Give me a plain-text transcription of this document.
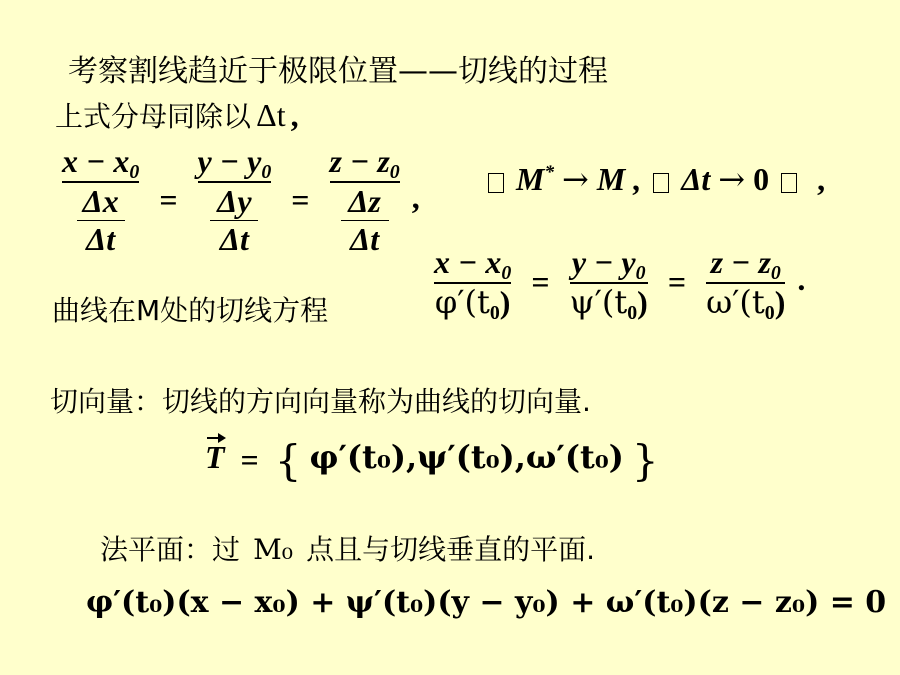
考察割线趋近于极限位置——切线的过程
上式分母同除以 Δt ,
$\frac{x - x0}{\frac{\Delta x}{\Delta t}} = \frac{y - y0}{\frac{\Delta y}{\Delta t}} = \frac{z - z0}{\frac{\Delta z}{\Delta t}}$ ,
M* → M , Δt → 0 ,
曲线在M处的切线方程	$\frac{x - x0}{\varphi'(t0)} = \frac{y - y0}{\psi'(t0)} = \frac{z - z0}{\omega'(t0)}$ .
切向量：切线的方向向量称为曲线的切向量.
T = { φ′(t₀),ψ′(t₀),ω′(t₀) }
法平面：过 M₀ 点且与切线垂直的平面.
φ′(t₀)(x − x₀) + ψ′(t₀)(y − y₀) + ω′(t₀)(z − z₀) = 0
